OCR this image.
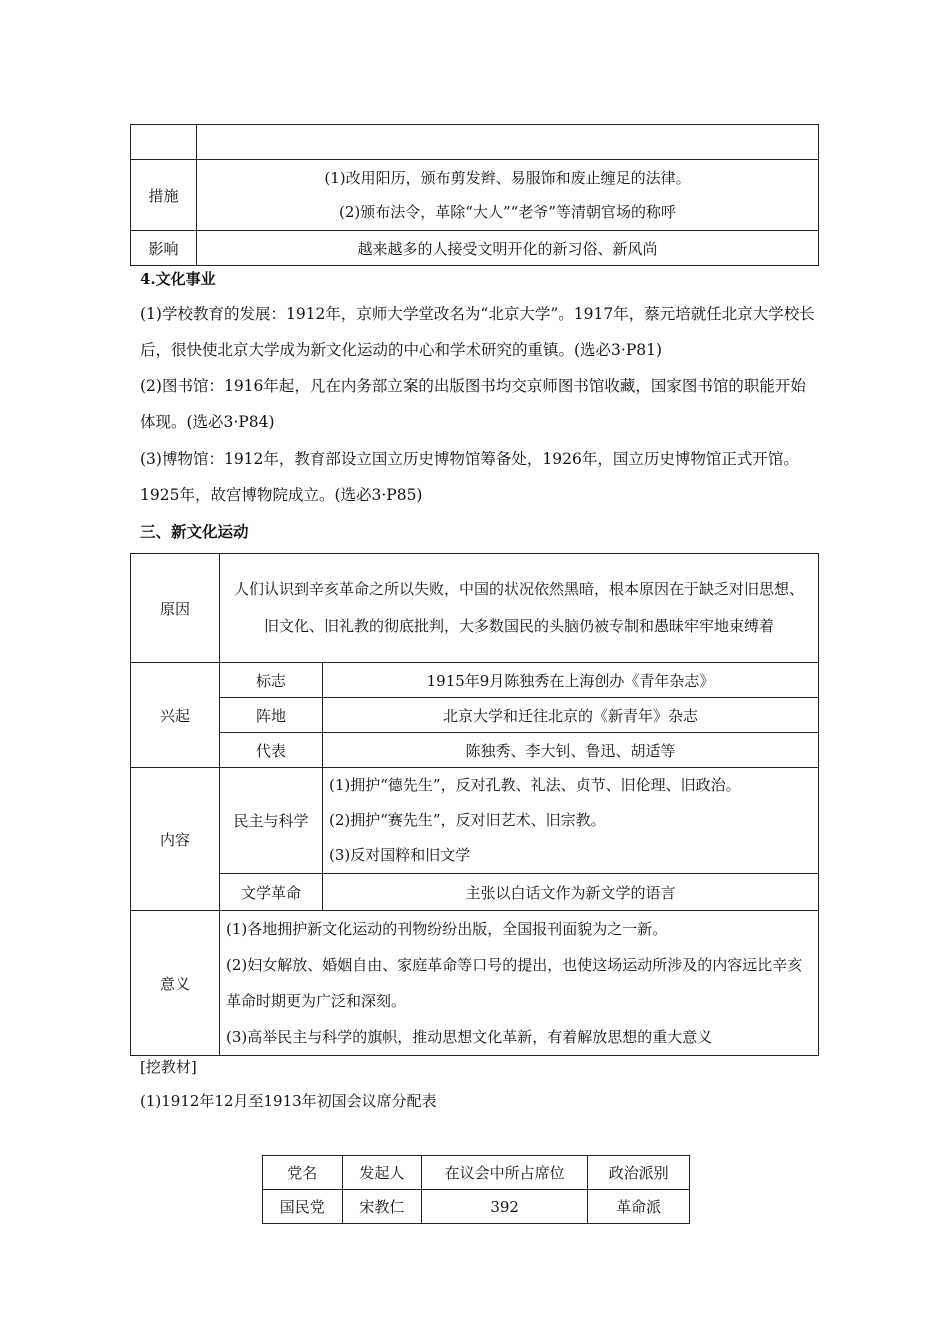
措施	(1)改用阳历，颁布剪发辫、易服饰和废止缠足的法律。
(2)颁布法令，革除“大人”“老爷”等清朝官场的称呼

影响	越来越多的人接受文明开化的新习俗、新风尚
4.文化事业
(1)学校教育的发展：1912年，京师大学堂改名为“北京大学”。1917年，蔡元培就任北京大学校长后，很快使北京大学成为新文化运动的中心和学术研究的重镇。(选必3·P81)
(2)图书馆：1916年起，凡在内务部立案的出版图书均交京师图书馆收藏，国家图书馆的职能开始体现。(选必3·P84)
(3)博物馆：1912年，教育部设立国立历史博物馆筹备处，1926年，国立历史博物馆正式开馆。1925年，故宫博物院成立。(选必3·P85)
三、新文化运动
原因	人们认识到辛亥革命之所以失败，中国的状况依然黑暗，根本原因在于缺乏对旧思想、旧文化、旧礼教的彻底批判，大多数国民的头脑仍被专制和愚昧牢牢地束缚着	
兴起	标志	1915年9月陈独秀在上海创办《青年杂志》
	阵地	北京大学和迁往北京的《新青年》杂志
	代表	陈独秀、李大钊、鲁迅、胡适等
内容	民主与科学	(1)拥护“德先生”，反对孔教、礼法、贞节、旧伦理、旧政治。
(2)拥护“赛先生”，反对旧艺术、旧宗教。
(3)反对国粹和旧文学

	文学革命	主张以白话文作为新文学的语言
意义	(1)各地拥护新文化运动的刊物纷纷出版，全国报刊面貌为之一新。
(2)妇女解放、婚姻自由、家庭革命等口号的提出，也使这场运动所涉及的内容远比辛亥革命时期更为广泛和深刻。
(3)高举民主与科学的旗帜，推动思想文化革新，有着解放思想的重大意义	
[挖教材]
(1)1912年12月至1913年初国会议席分配表
党名	发起人	在议会中所占席位	政治派别
国民党	宋教仁	392	革命派
